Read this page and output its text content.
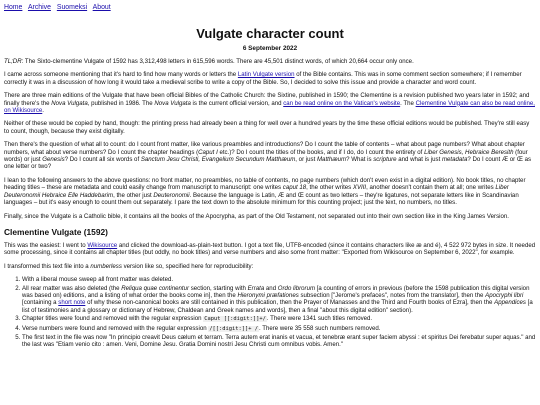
Home Archive Suomeksi About
Vulgate character count
6 September 2022

TL;DR: The Sixto-clementine Vulgate of 1592 has 3,312,498 letters in 615,596 words. There are 45,501 distinct words, of which 20,664 occur only once.

I came across someone mentioning that it's hard to find how many words or letters the Latin Vulgate version of the Bible contains. This was in some comment section somewhere; if I remember correctly it was in a discussion of how long it would take a medieval scribe to write a copy of the Bible. So, I decided to solve this issue and provide a character and word count.

There are three main editions of the Vulgate that have been official Bibles of the Catholic Church: the Sixtine, published in 1590; the Clementine is a revision published two years later in 1592; and finally there's the Nova Vulgata, published in 1986. The Nova Vulgata is the current official version, and can be read online on the Vatican's website. The Clementine Vulgate can also be read online, on Wikisource.

Neither of these would be copied by hand, though: the printing press had already been a thing for well over a hundred years by the time these official editions would be published. They're still easy to count, though, because they exist digitally.

Then there's the question of what all to count: do I count front matter, like various preambles and introductions? Do I count the table of contents – what about page numbers? What about chapter numbers, what about verse numbers? Do I count the chapter headings (Caput I etc.)? Do I count the titles of the books, and if I do, do I count the entirety of Liber Genesis, Hebraice Beresith (four words) or just Genesis? Do I count all six words of Sanctum Jesu Christi, Evangelium Secundum Matthæum, or just Matthæum? What is scripture and what is just metadata? Do I count Æ or Œ as one letter or two?

I lean to the following answers to the above questions: no front matter, no preambles, no table of contents, no page numbers (which don't even exist in a digital edition). No book titles, no chapter heading titles – these are metadata and could easily change from manuscript to manuscript: one writes caput 18, the other writes XVIII, another doesn't contain them at all; one writes Liber Deuteronomii Hebraice Elle Haddebarim, the other just Deuteronomii. Because the language is Latin, Æ and Œ count as two letters – they're ligatures, not separate letters like in Scandinavian languages – but it's easy enough to count them out separately. I pare the text down to the absolute minimum for this counting project; just the text, no numbers, no titles.

Finally, since the Vulgate is a Catholic bible, it contains all the books of the Apocrypha, as part of the Old Testament, not separated out into their own section like in the King James Version.

Clementine Vulgate (1592)

This was the easiest: I went to Wikisource and clicked the download-as-plain-text button. I got a text file, UTF8-encoded (since it contains characters like æ and é), 4 522 972 bytes in size. It needed some processing, since it contains all chapter titles (but oddly, no book titles) and verse numbers and also some front matter: "Exported from Wikisource on September 6, 2022", for example.

I transformed this text file into a numberless version like so, specified here for reproducibility:

1. With a liberal mouse sweep all front matter was deleted.
2. All rear matter was also deleted (the Reliqua quae continentur section, starting with Errata and Ordo librorum [a counting of errors in previous (before the 1598 publication this digital version was based on) editions, and a listing of what order the books come in], then the Hieronymi præfationes subsection ["Jerome's prefaces", notes from the translator], then the Apocryphi libri [containing a short note of why these non-canonical books are still contained in this publication, then the Prayer of Manasses and the Third and Fourth books of Ezra], then the Appendices [a list of testimonies and a glossary or dictionary of Hebrew, Chaldean and Greek names and words], then a final "about this digital edition" section).
3. Chapter titles were found and removed with the regular expression Caput [[:digit:]]+/. There were 1341 such titles removed.
4. Verse numbers were found and removed with the regular expression /[[:digit:]]+ /. There were 35 558 such numbers removed.
5. The first text in the file was now "In principio creavit Deus cælum et terram. Terra autem erat inanis et vacua, et tenebræ erant super faciem abyssi : et spiritus Dei ferebatur super aquas." and the last was "Etiam venio cito : amen. Veni, Domine Jesu. Gratia Domini nostri Jesu Christi cum omnibus vobis. Amen."
